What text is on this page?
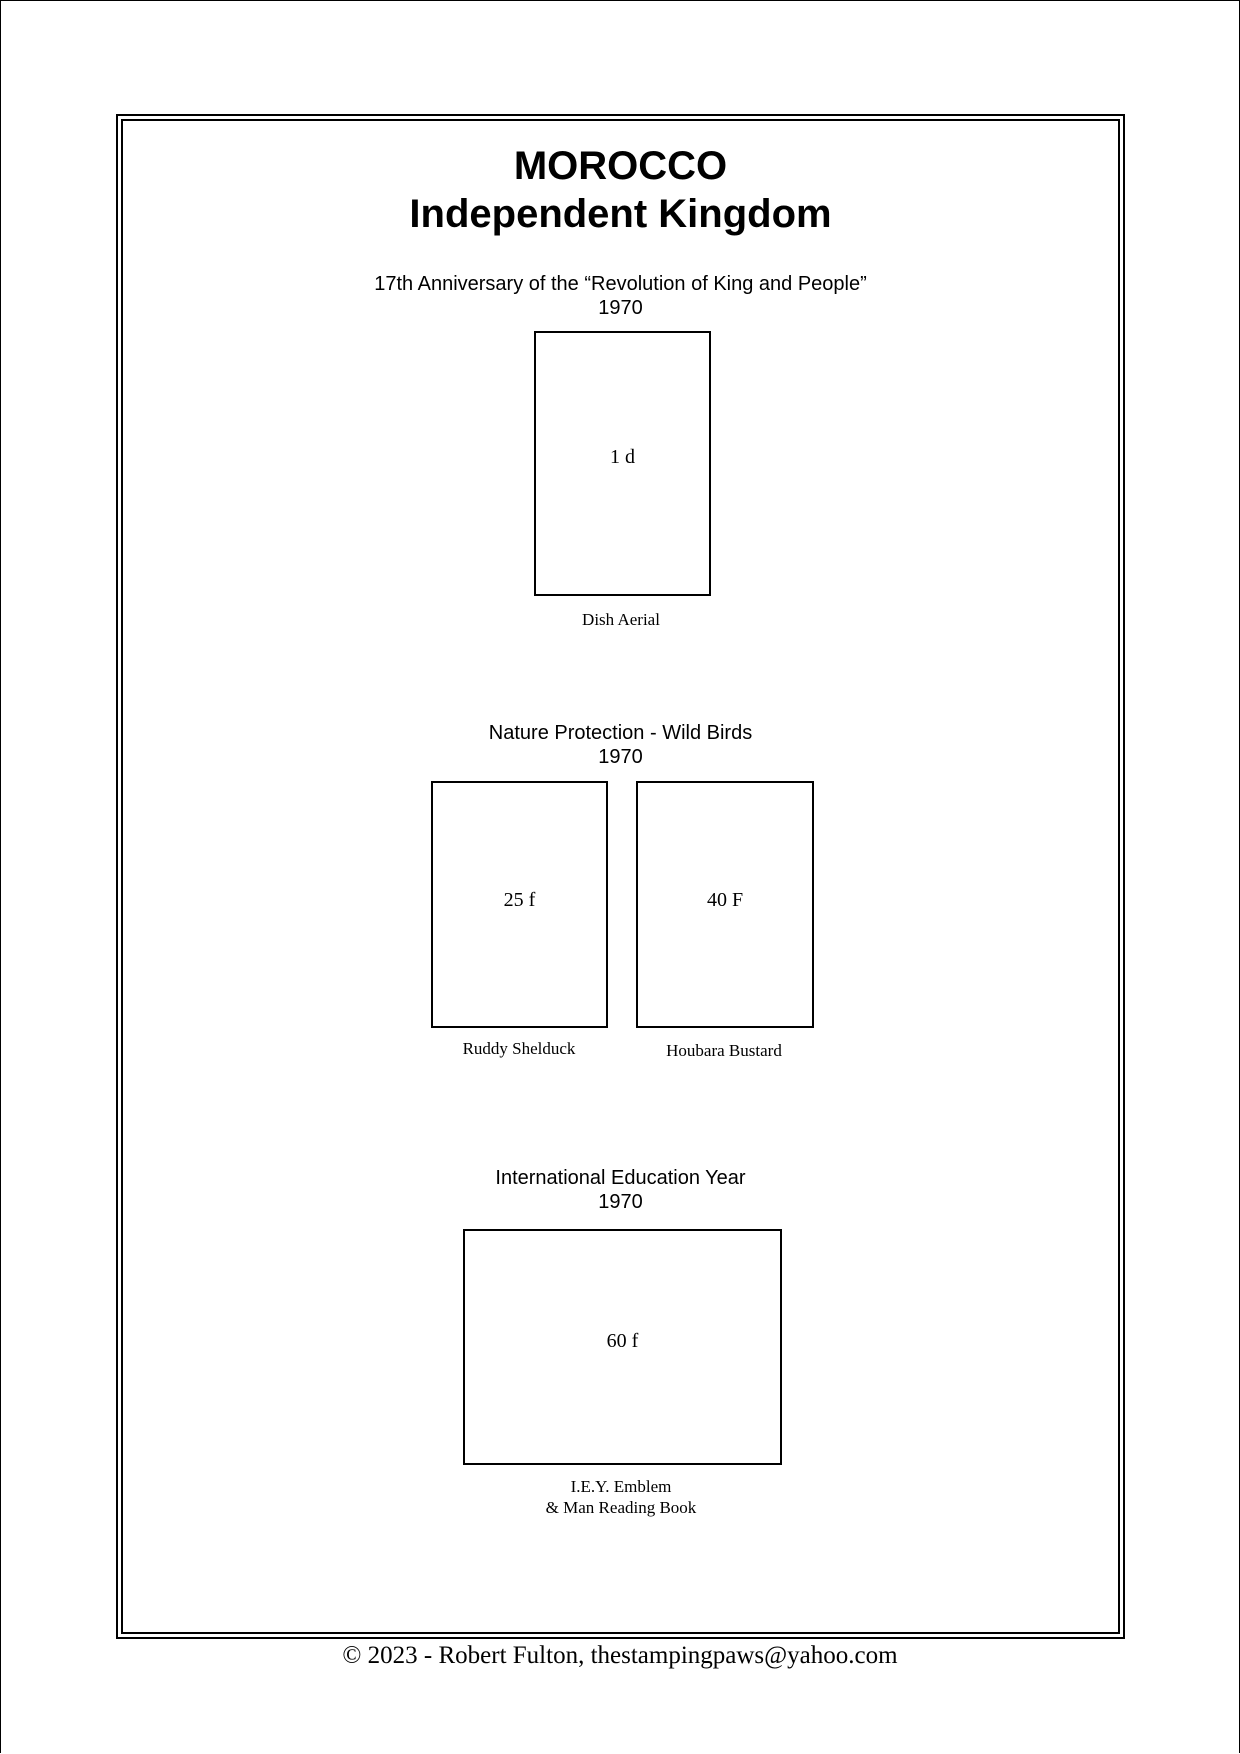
MOROCCO
Independent Kingdom

17th Anniversary of the “Revolution of King and People”

1970

1 d

Dish Aerial

Nature Protection - Wild Birds

1970

25 f

Ruddy Shelduck

40 F

Houbara Bustard

International Education Year

1970

60 f

I.E.Y. Emblem

& Man Reading Book

© 2023 - Robert Fulton, thestampingpaws@yahoo.com
